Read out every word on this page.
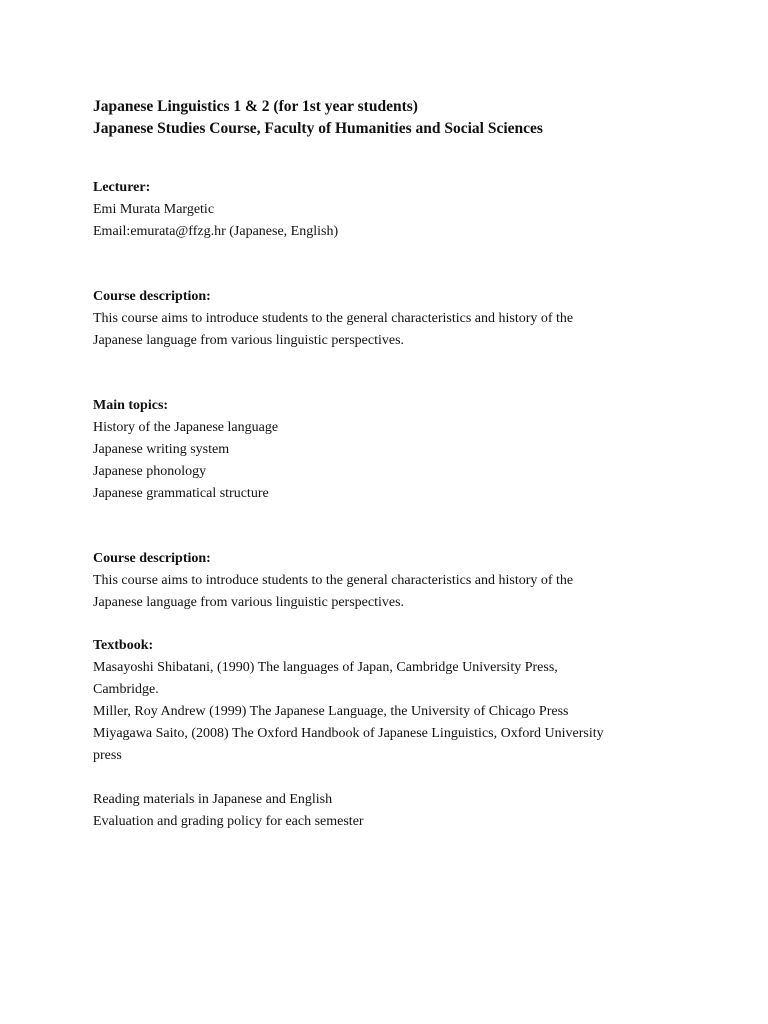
Japanese Linguistics 1 & 2 (for 1st year students)

Japanese Studies Course, Faculty of Humanities and Social Sciences

Lecturer:

Emi Murata Margetic

Email:emurata@ffzg.hr (Japanese, English)

Course description:

This course aims to introduce students to the general characteristics and history of the

Japanese language from various linguistic perspectives.

Main topics:

History of the Japanese language

Japanese writing system

Japanese phonology

Japanese grammatical structure

Course description:

This course aims to introduce students to the general characteristics and history of the

Japanese language from various linguistic perspectives.

Textbook:

Masayoshi Shibatani, (1990) The languages of Japan, Cambridge University Press,

Cambridge.

Miller, Roy Andrew (1999) The Japanese Language, the University of Chicago Press

Miyagawa Saito, (2008) The Oxford Handbook of Japanese Linguistics, Oxford University

press

Reading materials in Japanese and English

Evaluation and grading policy for each semester
